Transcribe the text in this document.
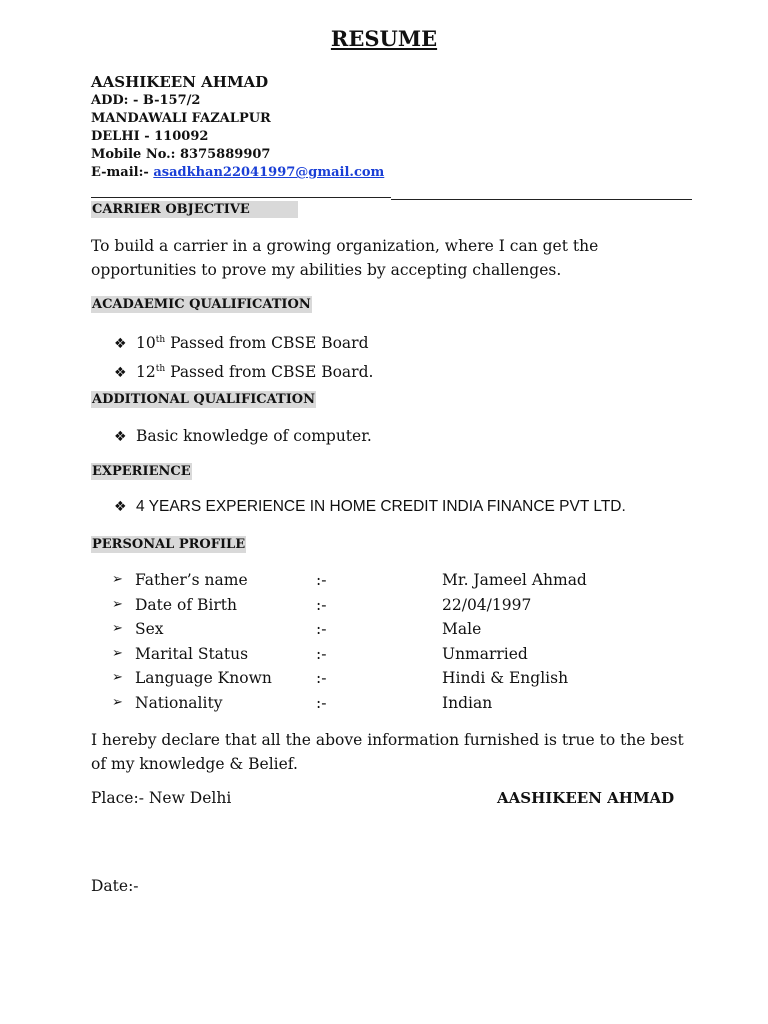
RESUME
AASHIKEEN AHMAD
ADD: - B-157/2
MANDAWALI FAZALPUR
DELHI - 110092
Mobile No.: 8375889907
E-mail:- asadkhan22041997@gmail.com
CARRIER OBJECTIVE
To build a carrier in a growing organization, where I can get the opportunities to prove my abilities by accepting challenges.
ACADAEMIC QUALIFICATION
❖ 10th Passed from CBSE Board
❖ 12th Passed from CBSE Board.
ADDITIONAL QUALIFICATION
❖ Basic knowledge of computer.
EXPERIENCE
❖ 4 YEARS EXPERIENCE IN HOME CREDIT INDIA FINANCE PVT LTD.
PERSONAL PROFILE
➢ Father’s name	:-	Mr. Jameel Ahmad
➢ Date of Birth	:-	22/04/1997
➢ Sex	:-	Male
➢ Marital Status	:-	Unmarried
➢ Language Known	:-	Hindi & English
➢ Nationality	:-	Indian
I hereby declare that all the above information furnished is true to the best of my knowledge & Belief.
Place:- New Delhi	AASHIKEEN AHMAD
Date:-
